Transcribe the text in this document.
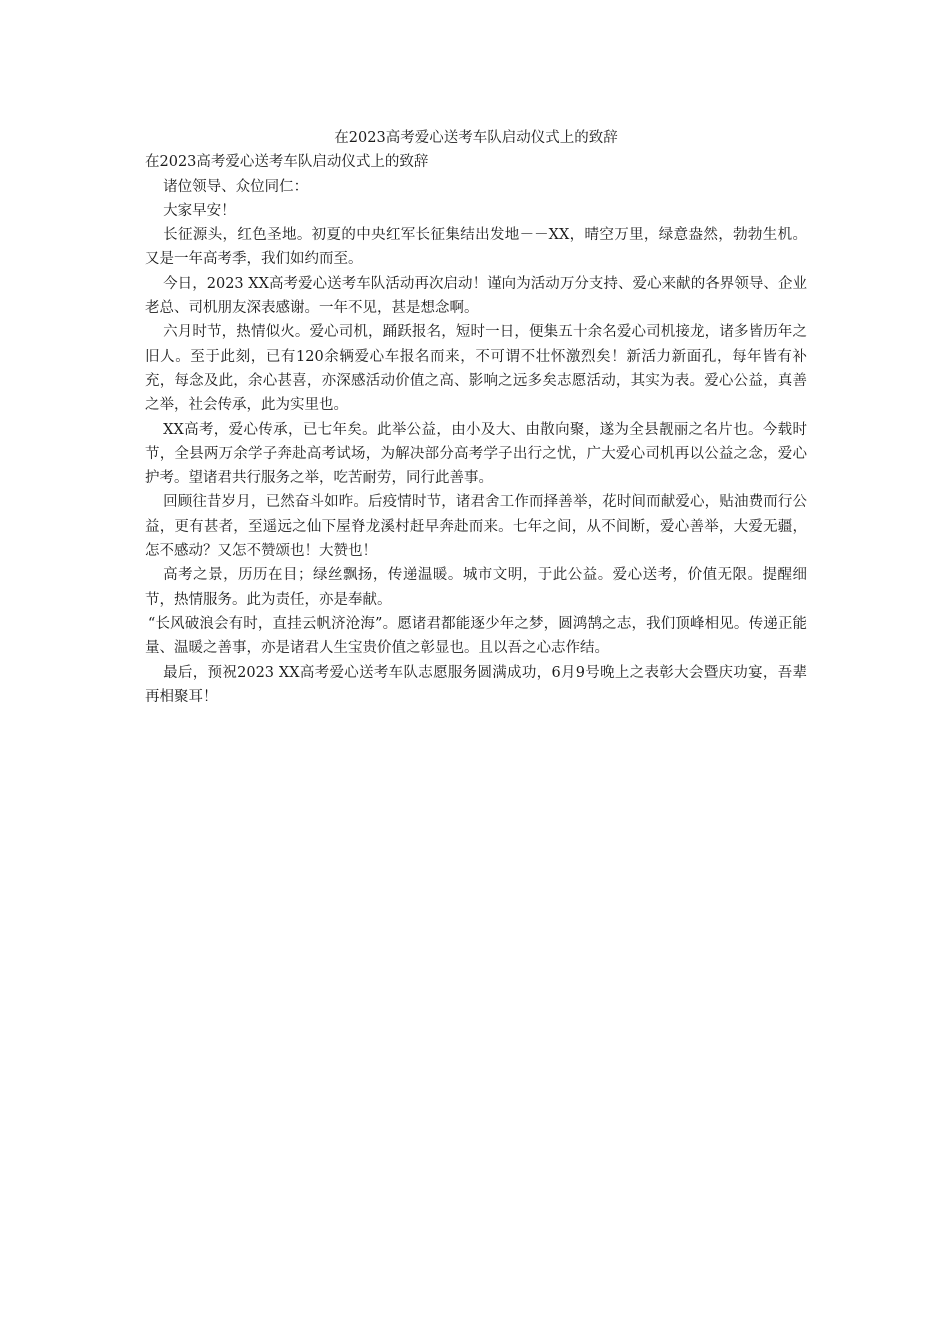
在2023高考爱心送考车队启动仪式上的致辞

在2023高考爱心送考车队启动仪式上的致辞

诸位领导、众位同仁：

大家早安！

长征源头，红色圣地。初夏的中央红军长征集结出发地－－XX，晴空万里，绿意盎然，勃勃生机。又是一年高考季，我们如约而至。

今日，2023 XX高考爱心送考车队活动再次启动！谨向为活动万分支持、爱心来献的各界领导、企业老总、司机朋友深表感谢。一年不见，甚是想念啊。

六月时节，热情似火。爱心司机，踊跃报名，短时一日，便集五十余名爱心司机接龙，诸多皆历年之旧人。至于此刻，已有120余辆爱心车报名而来，不可谓不壮怀激烈矣！新活力新面孔，每年皆有补充，每念及此，余心甚喜，亦深感活动价值之高、影响之远多矣志愿活动，其实为表。爱心公益，真善之举，社会传承，此为实里也。

XX高考，爱心传承，已七年矣。此举公益，由小及大、由散向聚，遂为全县靓丽之名片也。今载时节，全县两万余学子奔赴高考试场，为解决部分高考学子出行之忧，广大爱心司机再以公益之念，爱心护考。望诸君共行服务之举，吃苦耐劳，同行此善事。

回顾往昔岁月，已然奋斗如昨。后疫情时节，诸君舍工作而择善举，花时间而献爱心，贴油费而行公益，更有甚者，至遥远之仙下屋脊龙溪村赶早奔赴而来。七年之间，从不间断，爱心善举，大爱无疆，怎不感动？又怎不赞颂也！大赞也！

高考之景，历历在目；绿丝飘扬，传递温暖。城市文明，于此公益。爱心送考，价值无限。提醒细节，热情服务。此为责任，亦是奉献。

“长风破浪会有时，直挂云帆济沧海”。愿诸君都能逐少年之梦，圆鸿鹄之志，我们顶峰相见。传递正能量、温暖之善事，亦是诸君人生宝贵价值之彰显也。且以吾之心志作结。

最后，预祝2023 XX高考爱心送考车队志愿服务圆满成功，6月9号晚上之表彰大会暨庆功宴，吾辈再相聚耳！
